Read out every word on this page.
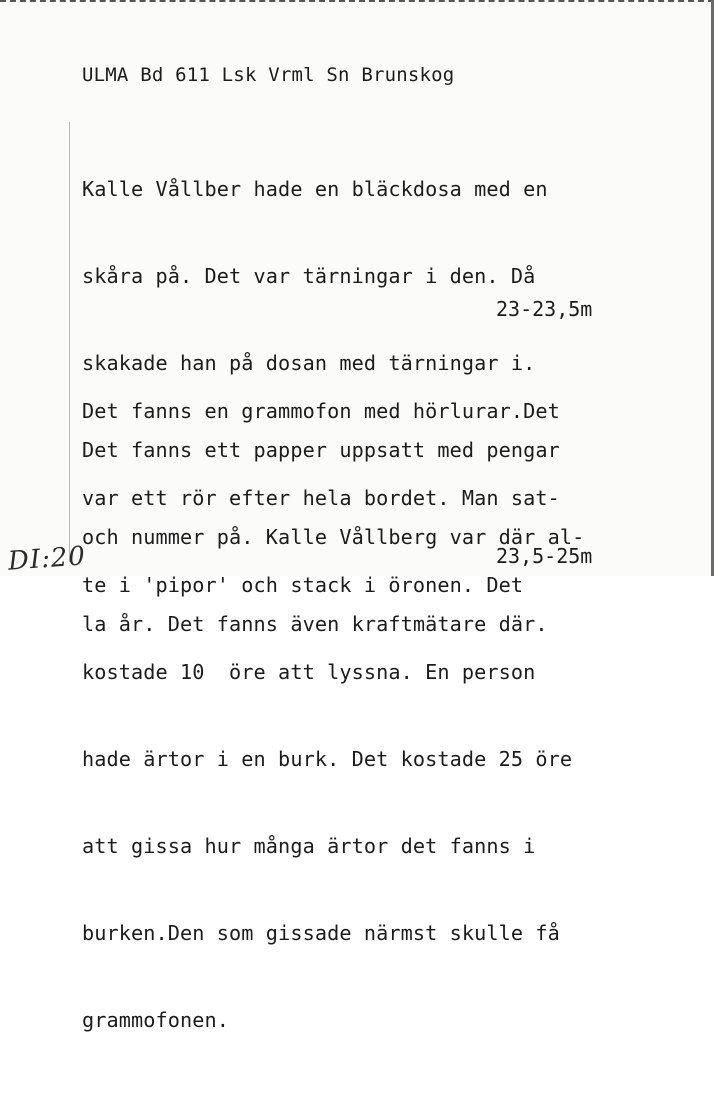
ULMA Bd 611 Lsk Vrml Sn Brunskog

Kalle Vållber hade en bläckdosa med en

skåra på. Det var tärningar i den. Då

skakade han på dosan med tärningar i.

Det fanns ett papper uppsatt med pengar

och nummer på. Kalle Vållberg var där al-

la år. Det fanns även kraftmätare där.

23-23,5m

Det fanns en grammofon med hörlurar.Det

var ett rör efter hela bordet. Man sat-

te i 'pipor' och stack i öronen. Det

kostade 10  öre att lyssna. En person

hade ärtor i en burk. Det kostade 25 öre

att gissa hur många ärtor det fanns i

burken.Den som gissade närmst skulle få

grammofonen.

23,5-25m
DI:20
